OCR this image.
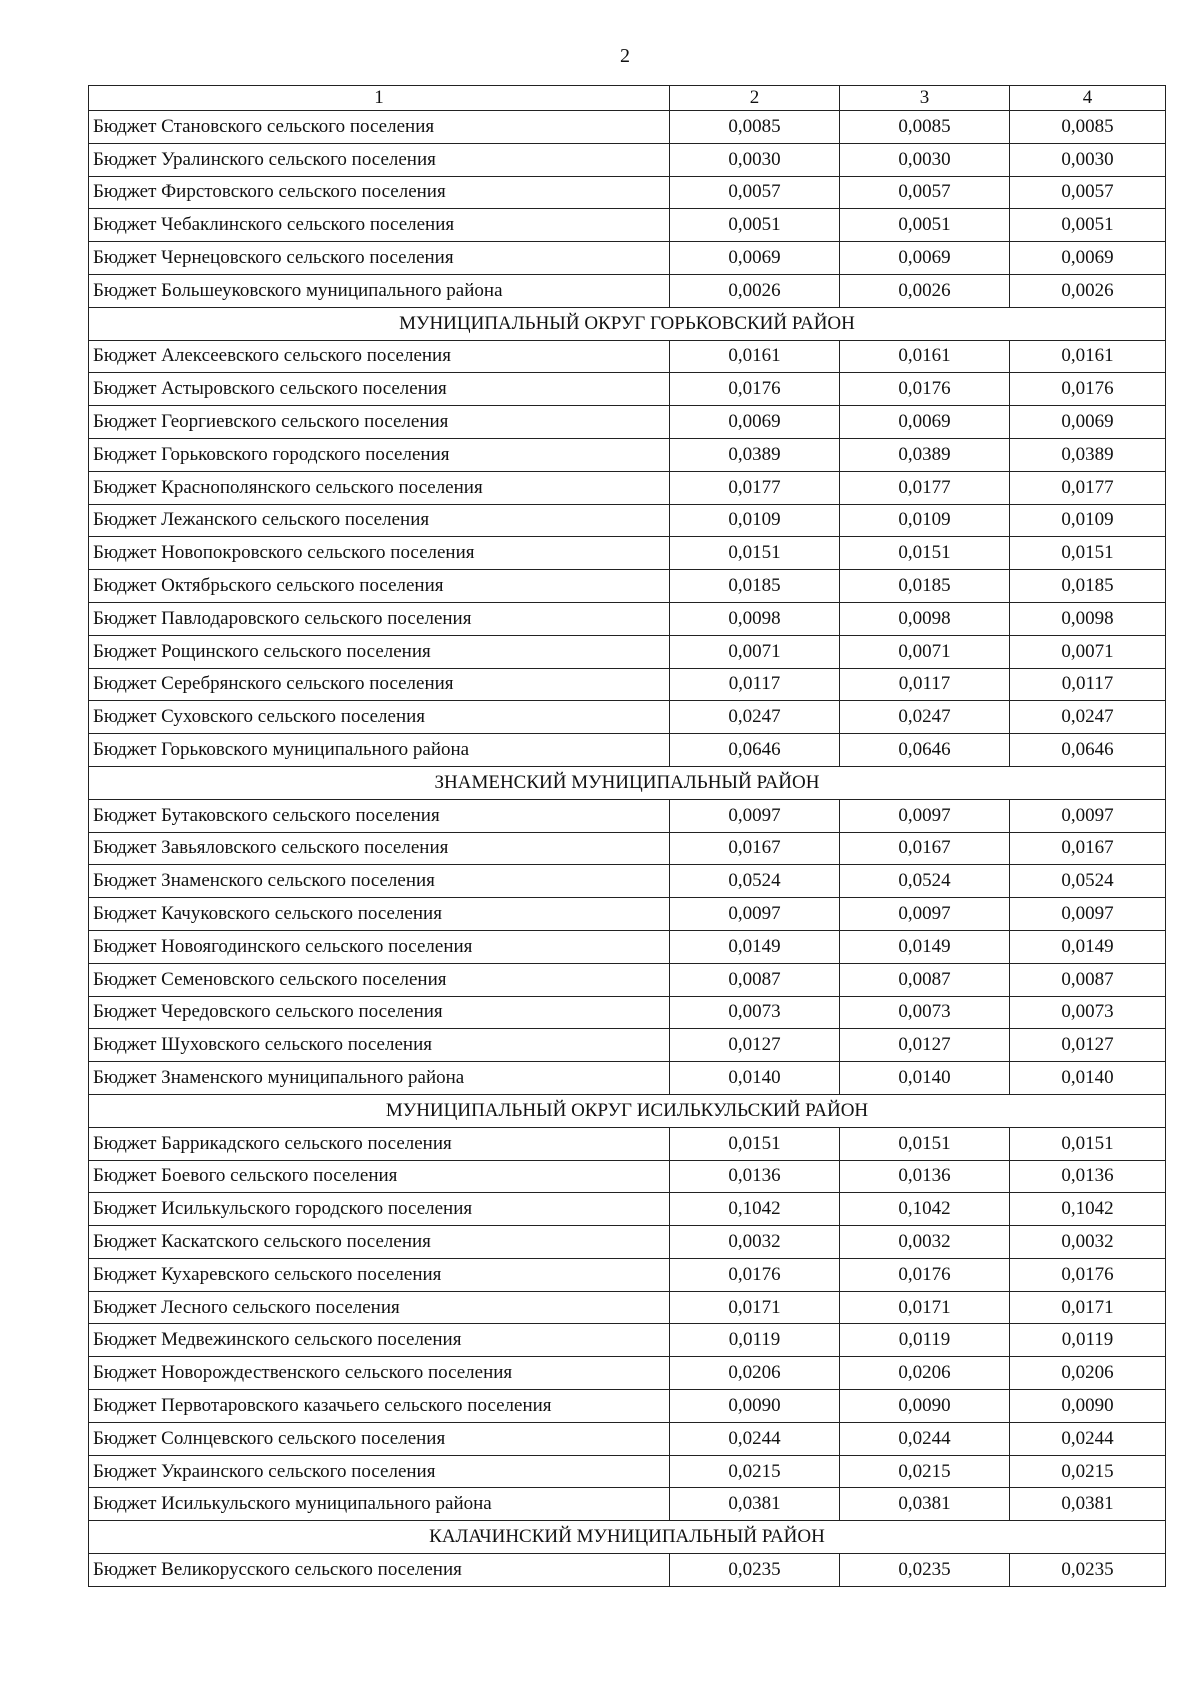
2
1	2	3	4
Бюджет Становского сельского поселения	0,0085	0,0085	0,0085
Бюджет Уралинского сельского поселения	0,0030	0,0030	0,0030
Бюджет Фирстовского сельского поселения	0,0057	0,0057	0,0057
Бюджет Чебаклинского сельского поселения	0,0051	0,0051	0,0051
Бюджет Чернецовского сельского поселения	0,0069	0,0069	0,0069
Бюджет Большеуковского муниципального района	0,0026	0,0026	0,0026
МУНИЦИПАЛЬНЫЙ ОКРУГ ГОРЬКОВСКИЙ РАЙОН			
Бюджет Алексеевского сельского поселения	0,0161	0,0161	0,0161
Бюджет Астыровского сельского поселения	0,0176	0,0176	0,0176
Бюджет Георгиевского сельского поселения	0,0069	0,0069	0,0069
Бюджет Горьковского городского поселения	0,0389	0,0389	0,0389
Бюджет Краснополянского сельского поселения	0,0177	0,0177	0,0177
Бюджет Лежанского сельского поселения	0,0109	0,0109	0,0109
Бюджет Новопокровского сельского поселения	0,0151	0,0151	0,0151
Бюджет Октябрьского сельского поселения	0,0185	0,0185	0,0185
Бюджет Павлодаровского сельского поселения	0,0098	0,0098	0,0098
Бюджет Рощинского сельского поселения	0,0071	0,0071	0,0071
Бюджет Серебрянского сельского поселения	0,0117	0,0117	0,0117
Бюджет Суховского сельского поселения	0,0247	0,0247	0,0247
Бюджет Горьковского муниципального района	0,0646	0,0646	0,0646
ЗНАМЕНСКИЙ МУНИЦИПАЛЬНЫЙ РАЙОН			
Бюджет Бутаковского сельского поселения	0,0097	0,0097	0,0097
Бюджет Завьяловского сельского поселения	0,0167	0,0167	0,0167
Бюджет Знаменского сельского поселения	0,0524	0,0524	0,0524
Бюджет Качуковского сельского поселения	0,0097	0,0097	0,0097
Бюджет Новоягодинского сельского поселения	0,0149	0,0149	0,0149
Бюджет Семеновского сельского поселения	0,0087	0,0087	0,0087
Бюджет Чередовского сельского поселения	0,0073	0,0073	0,0073
Бюджет Шуховского сельского поселения	0,0127	0,0127	0,0127
Бюджет Знаменского муниципального района	0,0140	0,0140	0,0140
МУНИЦИПАЛЬНЫЙ ОКРУГ ИСИЛЬКУЛЬСКИЙ РАЙОН			
Бюджет Баррикадского сельского поселения	0,0151	0,0151	0,0151
Бюджет Боевого сельского поселения	0,0136	0,0136	0,0136
Бюджет Исилькульского городского поселения	0,1042	0,1042	0,1042
Бюджет Каскатского сельского поселения	0,0032	0,0032	0,0032
Бюджет Кухаревского сельского поселения	0,0176	0,0176	0,0176
Бюджет Лесного сельского поселения	0,0171	0,0171	0,0171
Бюджет Медвежинского сельского поселения	0,0119	0,0119	0,0119
Бюджет Новорождественского сельского поселения	0,0206	0,0206	0,0206
Бюджет Первотаровского казачьего сельского поселения	0,0090	0,0090	0,0090
Бюджет Солнцевского сельского поселения	0,0244	0,0244	0,0244
Бюджет Украинского сельского поселения	0,0215	0,0215	0,0215
Бюджет Исилькульского муниципального района	0,0381	0,0381	0,0381
КАЛАЧИНСКИЙ МУНИЦИПАЛЬНЫЙ РАЙОН			
Бюджет Великорусского сельского поселения	0,0235	0,0235	0,0235
